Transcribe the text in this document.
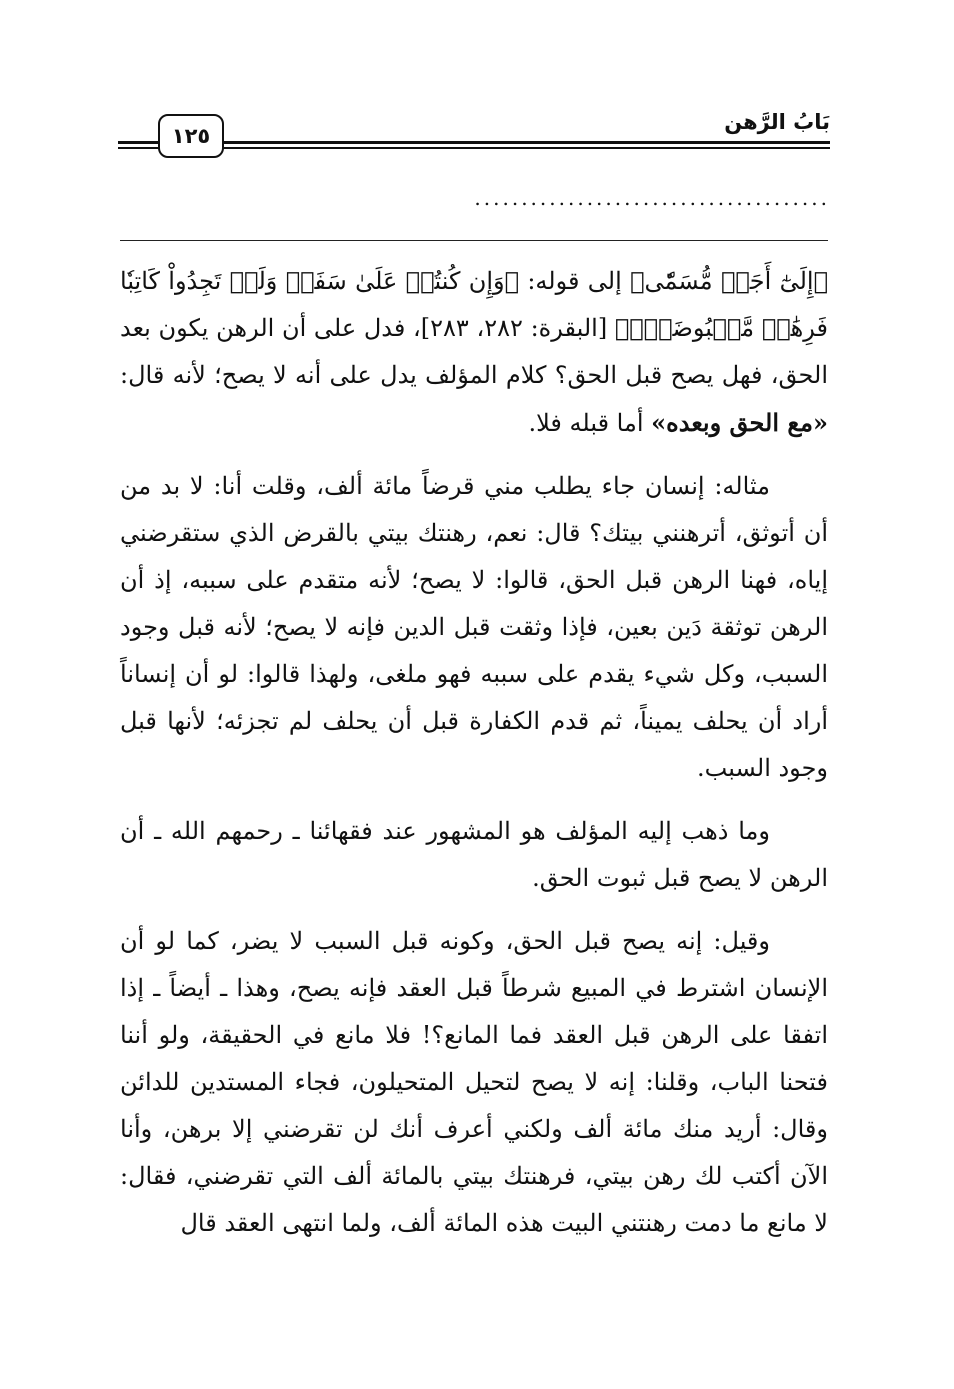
بَابُ الرَّهن
١٢٥
......................................

﴿إِلَىٰٓ أَجَلٖ مُّسَمّٗى﴾ إلى قوله: ﴿وَإِن كُنتُمۡ عَلَىٰ سَفَرٖ وَلَمۡ تَجِدُواْ كَاتِبٗا فَرِهَٰنٞ مَّقۡبُوضَةٞۖ﴾ [البقرة: ٢٨٢، ٢٨٣]، فدل على أن الرهن يكون بعد الحق، فهل يصح قبل الحق؟ كلام المؤلف يدل على أنه لا يصح؛ لأنه قال: «مع الحق وبعده» أما قبله فلا.

مثاله: إنسان جاء يطلب مني قرضاً مائة ألف، وقلت أنا: لا بد من أن أتوثق، أترهنني بيتك؟ قال: نعم، رهنتك بيتي بالقرض الذي ستقرضني إياه، فهنا الرهن قبل الحق، قالوا: لا يصح؛ لأنه متقدم على سببه، إذ أن الرهن توثقة دَين بعين، فإذا وثقت قبل الدين فإنه لا يصح؛ لأنه قبل وجود السبب، وكل شيء يقدم على سببه فهو ملغى، ولهذا قالوا: لو أن إنساناً أراد أن يحلف يميناً، ثم قدم الكفارة قبل أن يحلف لم تجزئه؛ لأنها قبل وجود السبب.

وما ذهب إليه المؤلف هو المشهور عند فقهائنا ـ رحمهم الله ـ أن الرهن لا يصح قبل ثبوت الحق.

وقيل: إنه يصح قبل الحق، وكونه قبل السبب لا يضر، كما لو أن الإنسان اشترط في المبيع شرطاً قبل العقد فإنه يصح، وهذا ـ أيضاً ـ إذا اتفقا على الرهن قبل العقد فما المانع؟! فلا مانع في الحقيقة، ولو أننا فتحنا الباب، وقلنا: إنه لا يصح لتحيل المتحيلون، فجاء المستدين للدائن وقال: أريد منك مائة ألف ولكني أعرف أنك لن تقرضني إلا برهن، وأنا الآن أكتب لك رهن بيتي، فرهنتك بيتي بالمائة ألف التي تقرضني، فقال: لا مانع ما دمت رهنتني البيت هذه المائة ألف، ولما انتهى العقد قال
